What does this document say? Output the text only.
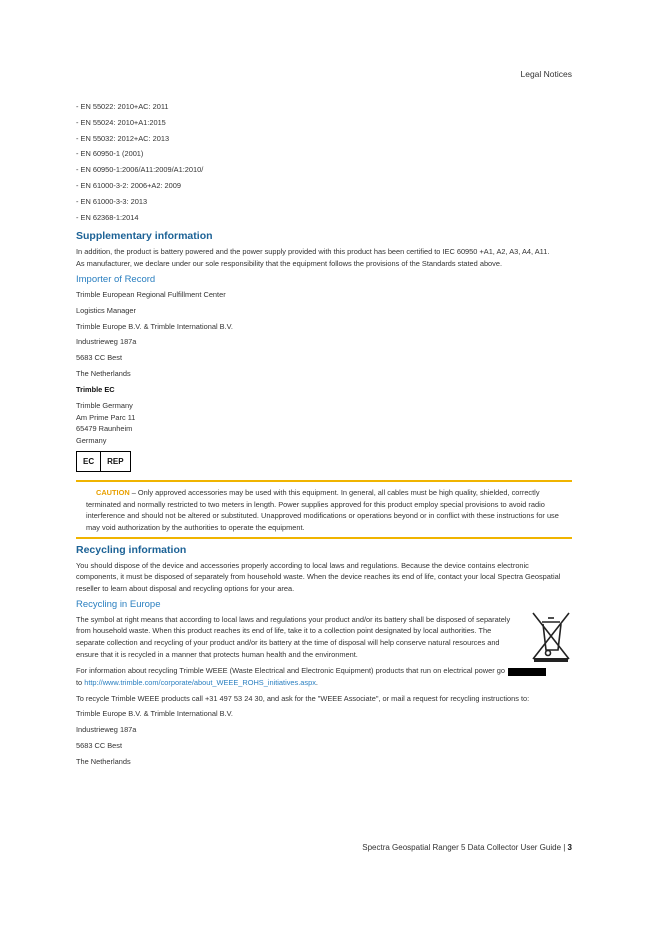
Legal Notices
- EN 55022: 2010+AC: 2011
- EN 55024: 2010+A1:2015
- EN 55032: 2012+AC: 2013
- EN 60950-1 (2001)
- EN 60950-1:2006/A11:2009/A1:2010/
- EN 61000-3-2: 2006+A2: 2009
- EN 61000-3-3: 2013
- EN 62368-1:2014
Supplementary information
In addition, the product is battery powered and the power supply provided with this product has been certified to IEC 60950 +A1, A2, A3, A4, A11.

As manufacturer, we declare under our sole responsibility that the equipment follows the provisions of the Standards stated above.

Importer of Record
Trimble European Regional Fulfillment Center
Logistics Manager
Trimble Europe B.V. & Trimble International B.V.
Industrieweg 187a
5683 CC Best
The Netherlands
Trimble EC
Trimble Germany
Am Prime Parc 11
65479 Raunheim
Germany
EC	REP
CAUTION – Only approved accessories may be used with this equipment. In general, all cables must be high quality, shielded, correctly terminated and normally restricted to two meters in length. Power supplies approved for this product employ special provisions to avoid radio interference and should not be altered or substituted. Unapproved modifications or operations beyond or in conflict with these instructions for use may void authorization by the authorities to operate the equipment.
Recycling information

You should dispose of the device and accessories properly according to local laws and regulations. Because the device contains electronic components, it must be disposed of separately from household waste. When the device reaches its end of life, contact your local Spectra Geospatial reseller to learn about disposal and recycling options for your area.

Recycling in Europe
The symbol at right means that according to local laws and regulations your product and/or its battery shall be disposed of separately from household waste. When this product reaches its end of life, take it to a collection point designated by local authorities. The separate collection and recycling of your product and/or its battery at the time of disposal will help conserve natural resources and ensure that it is recycled in a manner that protects human health and the environment.

For information about recycling Trimble WEEE (Waste Electrical and Electronic Equipment) products that run on electrical power go
to http://www.trimble.com/corporate/about_WEEE_ROHS_initiatives.aspx.

To recycle Trimble WEEE products call +31 497 53 24 30, and ask for the "WEEE Associate", or mail a request for recycling instructions to:

Trimble Europe B.V. & Trimble International B.V.
Industrieweg 187a
5683 CC Best
The Netherlands
Spectra Geospatial Ranger 5 Data Collector User Guide | 3
